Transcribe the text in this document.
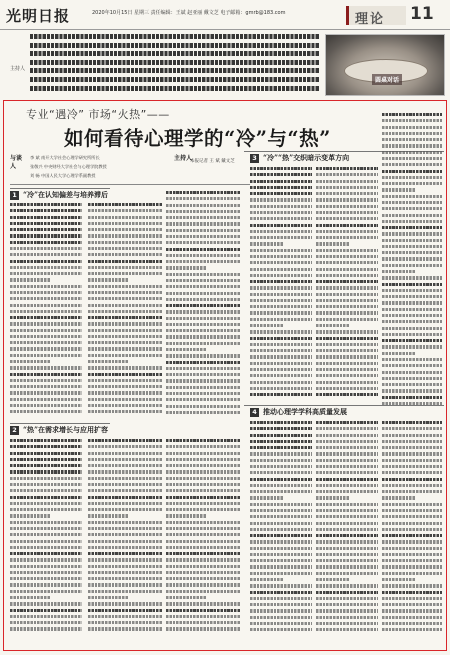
光明日报	2020年10月15日 星期三 责任编辑：王斌 赵亚丽 戴文芝 电子邮箱：gmrb@183.com	理论 11
主持人
圆桌对话
专业“遇冷” 市场“火热”——
如何看待心理学的“冷”与“热”
与谈人
李 斌 南开大学社会心理学研究所所长
张敬兴 中央财经大学社会与心理学院教授
刘 畅 中国人民大学心理学系副教授
主持人
本报记者 王 斌 戴文芝
1 “冷”在认知偏差与培养滞后
3 “冷”“热”交织暗示变革方向
2 “热”在需求增长与应用扩容
4 推动心理学学科高质量发展
